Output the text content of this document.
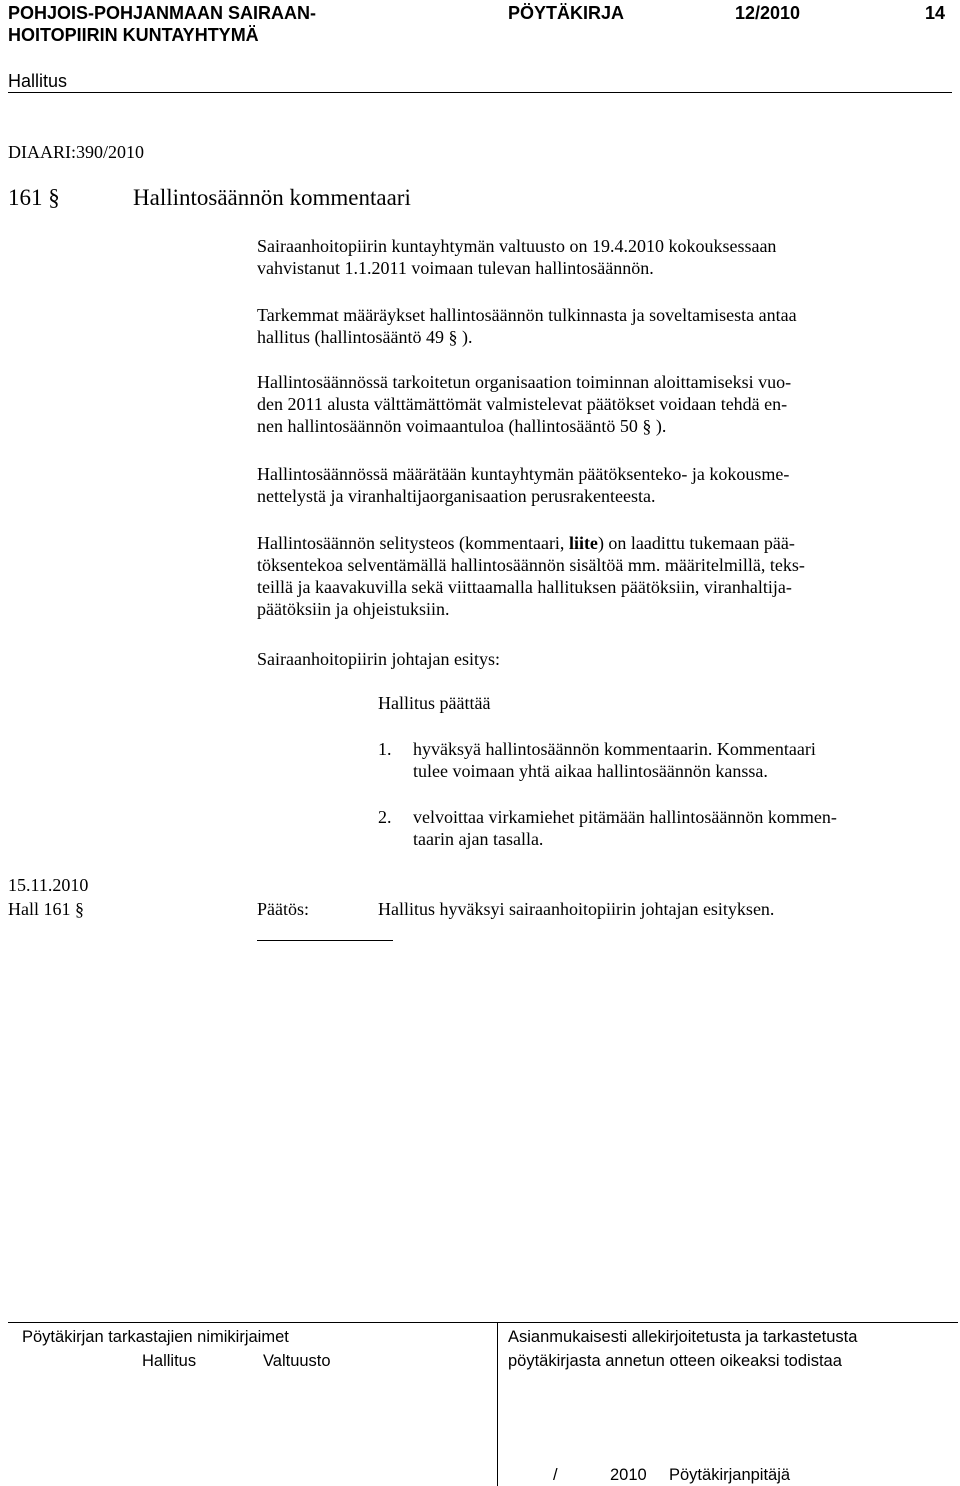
POHJOIS-POHJANMAAN SAIRAAN-
HOITOPIIRIN KUNTAYHTYMÄ
PÖYTÄKIRJA	12/2010	14
Hallitus
DIAARI:390/2010
161 §	Hallintosäännön kommentaari
Sairaanhoitopiirin kuntayhtymän valtuusto on 19.4.2010 kokouksessaan
vahvistanut 1.1.2011 voimaan tulevan hallintosäännön.
Tarkemmat määräykset hallintosäännön tulkinnasta ja soveltamisesta antaa
hallitus (hallintosääntö 49 § ).
Hallintosäännössä tarkoitetun organisaation toiminnan aloittamiseksi vuo-
den 2011 alusta välttämättömät valmistelevat päätökset voidaan tehdä en-
nen hallintosäännön voimaantuloa (hallintosääntö 50 § ).
Hallintosäännössä määrätään kuntayhtymän päätöksenteko- ja kokousme-
nettelystä ja viranhaltijaorganisaation perusrakenteesta.
Hallintosäännön selitysteos (kommentaari, liite) on laadittu tukemaan pää-
töksentekoa selventämällä hallintosäännön sisältöä mm. määritelmillä, teks-
teillä ja kaavakuvilla sekä viittaamalla hallituksen päätöksiin, viranhaltija-
päätöksiin ja ohjeistuksiin.
Sairaanhoitopiirin johtajan esitys:
Hallitus päättää
1. hyväksyä hallintosäännön kommentaarin. Kommentaari
tulee voimaan yhtä aikaa hallintosäännön kanssa.
2. velvoittaa virkamiehet pitämään hallintosäännön kommen-
taarin ajan tasalla.
15.11.2010
Hall 161 §	Päätös:	Hallitus hyväksyi sairaanhoitopiirin johtajan esityksen.
Pöytäkirjan tarkastajien nimikirjaimet
Hallitus	Valtuusto
Asianmukaisesti allekirjoitetusta ja tarkastetusta
pöytäkirjasta annetun otteen oikeaksi todistaa
/	2010 Pöytäkirjanpitäjä
